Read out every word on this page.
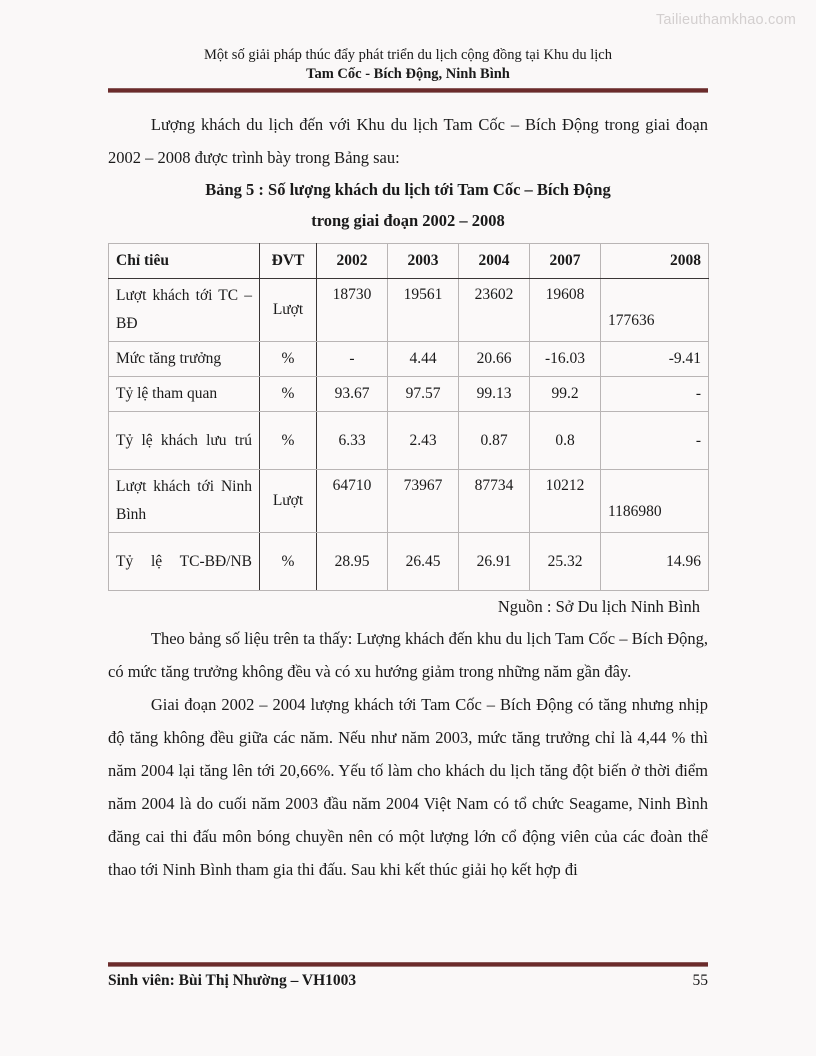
Tailieuthamkhao.com
Một số giải pháp thúc đẩy phát triển du lịch cộng đồng tại Khu du lịch
Tam Cốc - Bích Động, Ninh Bình

Lượng khách du lịch đến với Khu du lịch Tam Cốc – Bích Động trong giai đoạn 2002 – 2008 được trình bày trong Bảng sau:

Bảng 5 : Số lượng khách du lịch tới Tam Cốc – Bích Động

trong giai đoạn 2002 – 2008

Chỉ tiêu	ĐVT	2002	2003	2004	2007	2008
Lượt khách tới TC – BĐ	Lượt	18730	19561	23602	19608	177636
Mức tăng trưởng	%	-	4.44	20.66	-16.03	-9.41
Tỷ lệ tham quan	%	93.67	97.57	99.13	99.2	-
Tỷ lệ khách lưu trú	%	6.33	2.43	0.87	0.8	-
Lượt khách tới Ninh Bình	Lượt	64710	73967	87734	10212	1186980
Tỷ lệ TC-BĐ/NB	%	28.95	26.45	26.91	25.32	14.96

Nguồn : Sở Du lịch Ninh Bình

Theo bảng số liệu trên ta thấy: Lượng khách đến khu du lịch Tam Cốc – Bích Động, có mức tăng trưởng không đều và có xu hướng giảm trong những năm gần đây.

Giai đoạn 2002 – 2004 lượng khách tới Tam Cốc – Bích Động có tăng nhưng nhịp độ tăng không đều giữa các năm. Nếu như năm 2003, mức tăng trưởng chỉ là 4,44 % thì năm 2004 lại tăng lên tới 20,66%. Yếu tố làm cho khách du lịch tăng đột biến ở thời điểm năm 2004 là do cuối năm 2003 đầu năm 2004 Việt Nam có tổ chức Seagame, Ninh Bình đăng cai thi đấu môn bóng chuyền nên có một lượng lớn cổ động viên của các đoàn thể thao tới Ninh Bình tham gia thi đấu. Sau khi kết thúc giải họ kết hợp đi

Sinh viên: Bùi Thị Nhường – VH1003	55
